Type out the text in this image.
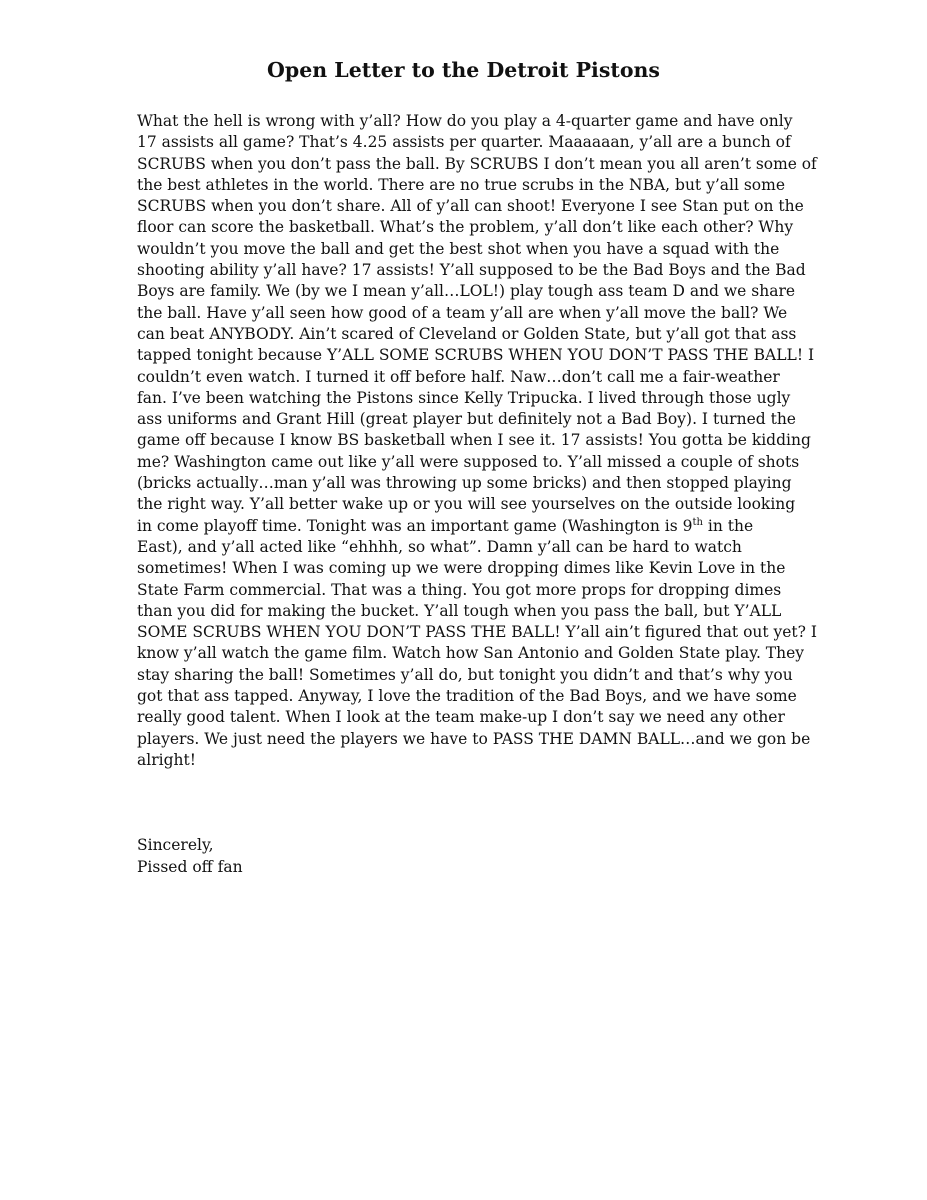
Open Letter to the Detroit Pistons
What the hell is wrong with y’all? How do you play a 4-quarter game and have only
17 assists all game? That’s 4.25 assists per quarter. Maaaaaan, y’all are a bunch of
SCRUBS when you don’t pass the ball. By SCRUBS I don’t mean you all aren’t some of
the best athletes in the world. There are no true scrubs in the NBA, but y’all some
SCRUBS when you don’t share. All of y’all can shoot! Everyone I see Stan put on the
floor can score the basketball. What’s the problem, y’all don’t like each other? Why
wouldn’t you move the ball and get the best shot when you have a squad with the
shooting ability y’all have? 17 assists! Y’all supposed to be the Bad Boys and the Bad
Boys are family. We (by we I mean y’all…LOL!) play tough ass team D and we share
the ball. Have y’all seen how good of a team y’all are when y’all move the ball? We
can beat ANYBODY. Ain’t scared of Cleveland or Golden State, but y’all got that ass
tapped tonight because Y’ALL SOME SCRUBS WHEN YOU DON’T PASS THE BALL! I
couldn’t even watch. I turned it off before half. Naw…don’t call me a fair-weather
fan. I’ve been watching the Pistons since Kelly Tripucka. I lived through those ugly
ass uniforms and Grant Hill (great player but definitely not a Bad Boy). I turned the
game off because I know BS basketball when I see it. 17 assists! You gotta be kidding
me? Washington came out like y’all were supposed to. Y’all missed a couple of shots
(bricks actually…man y’all was throwing up some bricks) and then stopped playing
the right way. Y’all better wake up or you will see yourselves on the outside looking
in come playoff time. Tonight was an important game (Washington is 9th in the
East), and y’all acted like “ehhhh, so what”. Damn y’all can be hard to watch
sometimes! When I was coming up we were dropping dimes like Kevin Love in the
State Farm commercial. That was a thing. You got more props for dropping dimes
than you did for making the bucket. Y’all tough when you pass the ball, but Y’ALL
SOME SCRUBS WHEN YOU DON’T PASS THE BALL! Y’all ain’t figured that out yet? I
know y’all watch the game film. Watch how San Antonio and Golden State play. They
stay sharing the ball! Sometimes y’all do, but tonight you didn’t and that’s why you
got that ass tapped. Anyway, I love the tradition of the Bad Boys, and we have some
really good talent. When I look at the team make-up I don’t say we need any other
players. We just need the players we have to PASS THE DAMN BALL…and we gon be
alright!
Sincerely,
Pissed off fan
